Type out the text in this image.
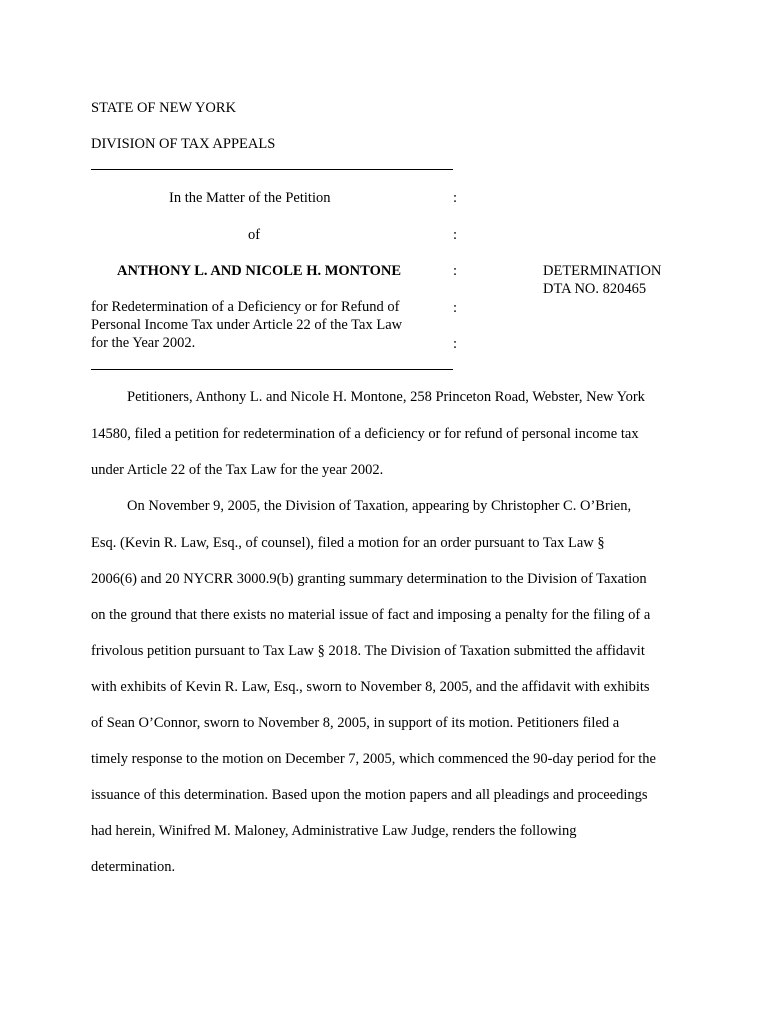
STATE OF NEW YORK
DIVISION OF TAX APPEALS
In the Matter of the Petition	:
of	:
ANTHONY L. AND NICOLE H. MONTONE	:	DETERMINATION
DTA NO. 820465
for Redetermination of a Deficiency or for Refund of	:
Personal Income Tax under Article 22 of the Tax Law
for the Year 2002.	:
Petitioners, Anthony L. and Nicole H. Montone, 258 Princeton Road, Webster, New York
14580, filed a petition for redetermination of a deficiency or for refund of personal income tax
under Article 22 of the Tax Law for the year 2002.
On November 9, 2005, the Division of Taxation, appearing by Christopher C. O’Brien,
Esq. (Kevin R. Law, Esq., of counsel), filed a motion for an order pursuant to Tax Law §
2006(6) and 20 NYCRR 3000.9(b) granting summary determination to the Division of Taxation
on the ground that there exists no material issue of fact and imposing a penalty for the filing of a
frivolous petition pursuant to Tax Law § 2018. The Division of Taxation submitted the affidavit
with exhibits of Kevin R. Law, Esq., sworn to November 8, 2005, and the affidavit with exhibits
of Sean O’Connor, sworn to November 8, 2005, in support of its motion. Petitioners filed a
timely response to the motion on December 7, 2005, which commenced the 90-day period for the
issuance of this determination. Based upon the motion papers and all pleadings and proceedings
had herein, Winifred M. Maloney, Administrative Law Judge, renders the following
determination.
